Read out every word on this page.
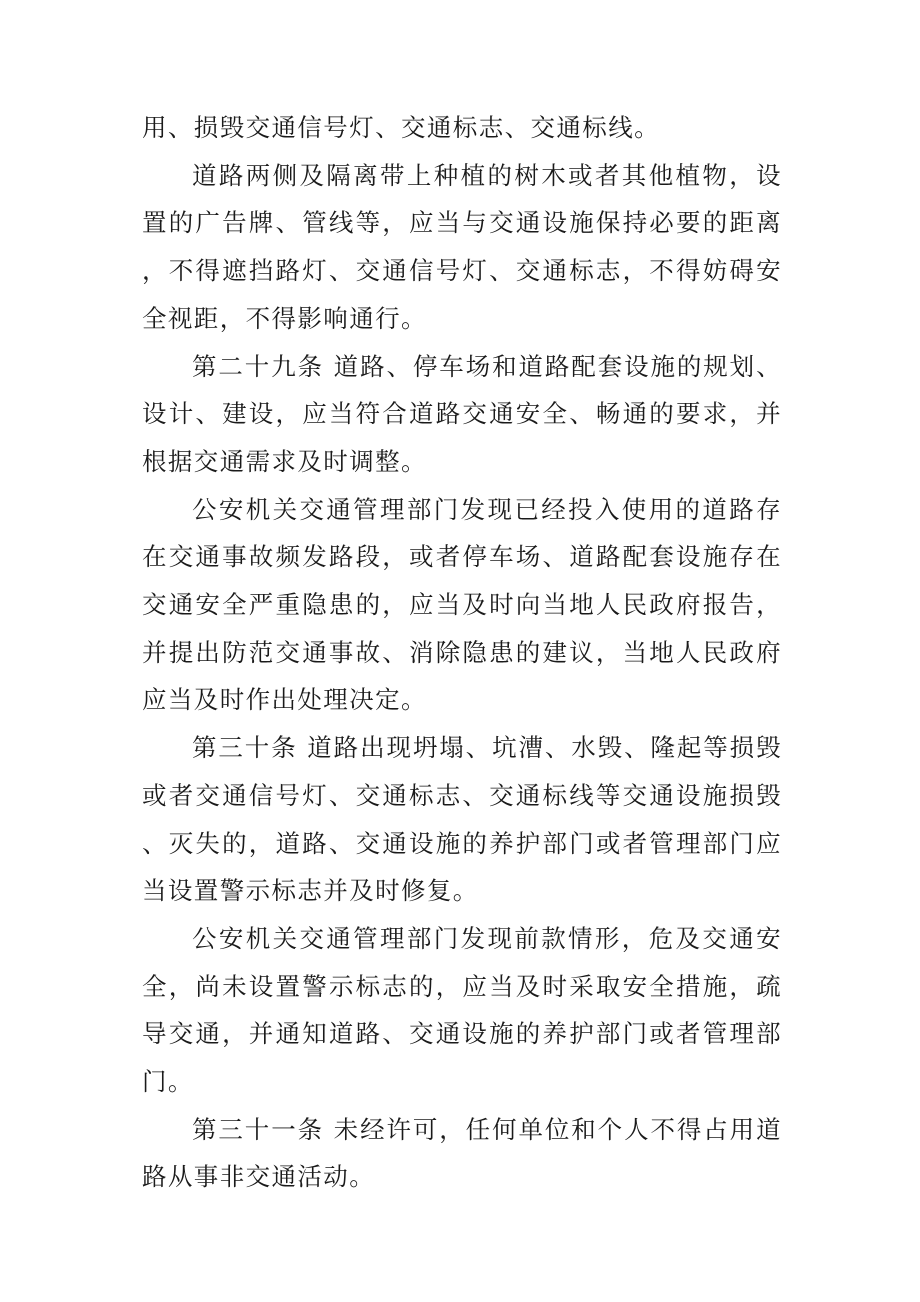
用、损毁交通信号灯、交通标志、交通标线。

道路两侧及隔离带上种植的树木或者其他植物，设置的广告牌、管线等，应当与交通设施保持必要的距离，不得遮挡路灯、交通信号灯、交通标志，不得妨碍安全视距，不得影响通行。

第二十九条 道路、停车场和道路配套设施的规划、设计、建设，应当符合道路交通安全、畅通的要求，并根据交通需求及时调整。

公安机关交通管理部门发现已经投入使用的道路存在交通事故频发路段，或者停车场、道路配套设施存在交通安全严重隐患的，应当及时向当地人民政府报告，并提出防范交通事故、消除隐患的建议，当地人民政府应当及时作出处理决定。

第三十条 道路出现坍塌、坑漕、水毁、隆起等损毁或者交通信号灯、交通标志、交通标线等交通设施损毁、灭失的，道路、交通设施的养护部门或者管理部门应当设置警示标志并及时修复。

公安机关交通管理部门发现前款情形，危及交通安全，尚未设置警示标志的，应当及时采取安全措施，疏导交通，并通知道路、交通设施的养护部门或者管理部门。

第三十一条 未经许可，任何单位和个人不得占用道路从事非交通活动。
